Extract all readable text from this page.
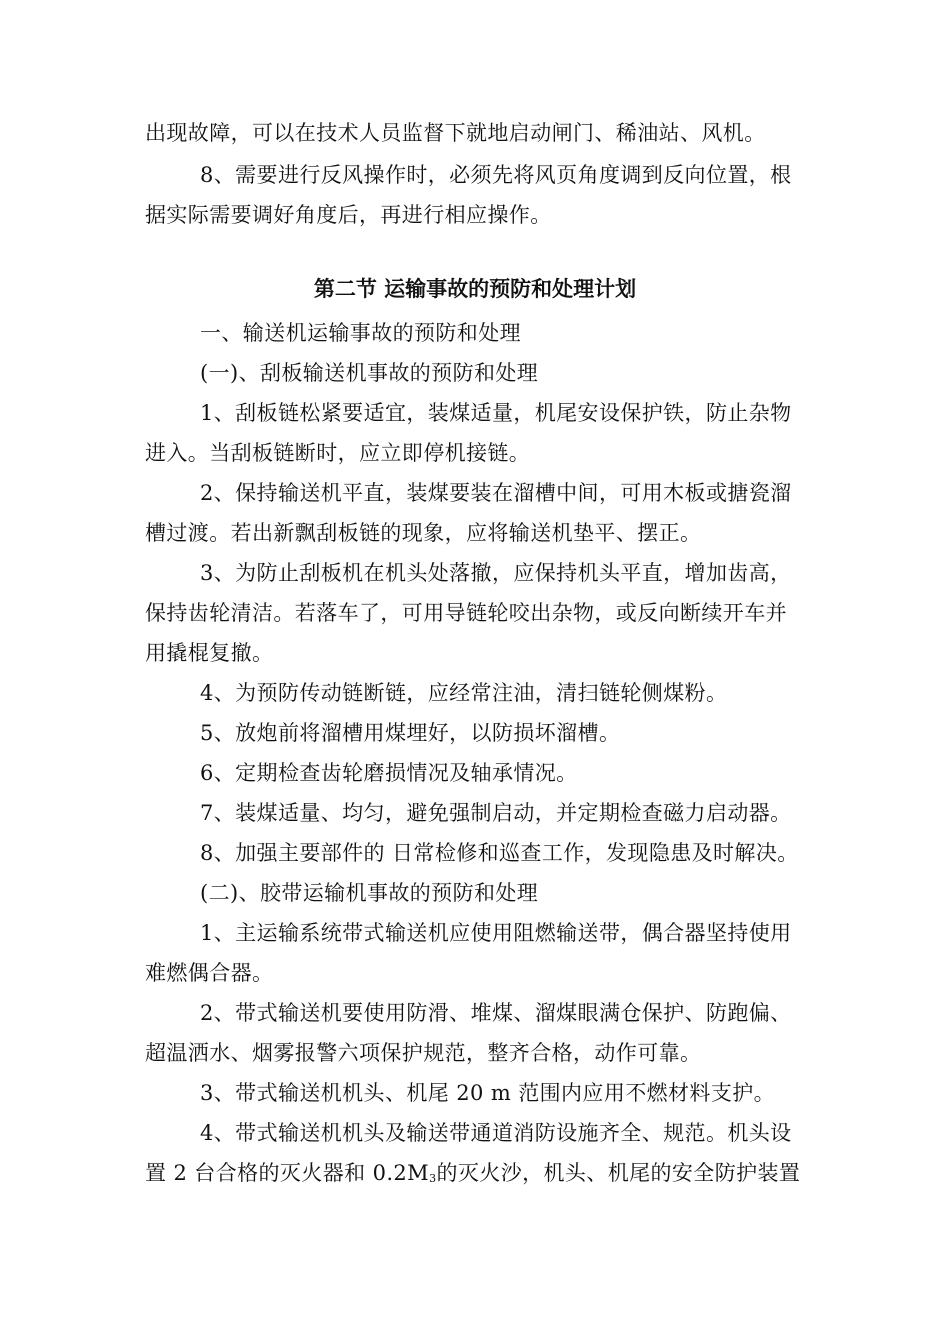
出现故障，可以在技术人员监督下就地启动闸门、稀油站、风机。
8、需要进行反风操作时，必须先将风页角度调到反向位置，根
据实际需要调好角度后，再进行相应操作。
第二节 运输事故的预防和处理计划
一、输送机运输事故的预防和处理
(一)、刮板输送机事故的预防和处理
1、刮板链松紧要适宜，装煤适量，机尾安设保护铁，防止杂物
进入。当刮板链断时，应立即停机接链。
2、保持输送机平直，装煤要装在溜槽中间，可用木板或搪瓷溜
槽过渡。若出新飘刮板链的现象，应将输送机垫平、摆正。
3、为防止刮板机在机头处落撤，应保持机头平直，增加齿高，
保持齿轮清洁。若落车了，可用导链轮咬出杂物，或反向断续开车并
用撬棍复撤。
4、为预防传动链断链，应经常注油，清扫链轮侧煤粉。
5、放炮前将溜槽用煤埋好，以防损坏溜槽。
6、定期检查齿轮磨损情况及轴承情况。
7、装煤适量、均匀，避免强制启动，并定期检查磁力启动器。
8、加强主要部件的 日常检修和巡查工作，发现隐患及时解决。
(二)、胶带运输机事故的预防和处理
1、主运输系统带式输送机应使用阻燃输送带，偶合器坚持使用
难燃偶合器。
2、带式输送机要使用防滑、堆煤、溜煤眼满仓保护、防跑偏、
超温洒水、烟雾报警六项保护规范，整齐合格，动作可靠。
3、带式输送机机头、机尾 20 m 范围内应用不燃材料支护。
4、带式输送机机头及输送带通道消防设施齐全、规范。机头设
置 2 台合格的灭火器和 $0.2M_3$的灭火沙，机头、机尾的安全防护装置
